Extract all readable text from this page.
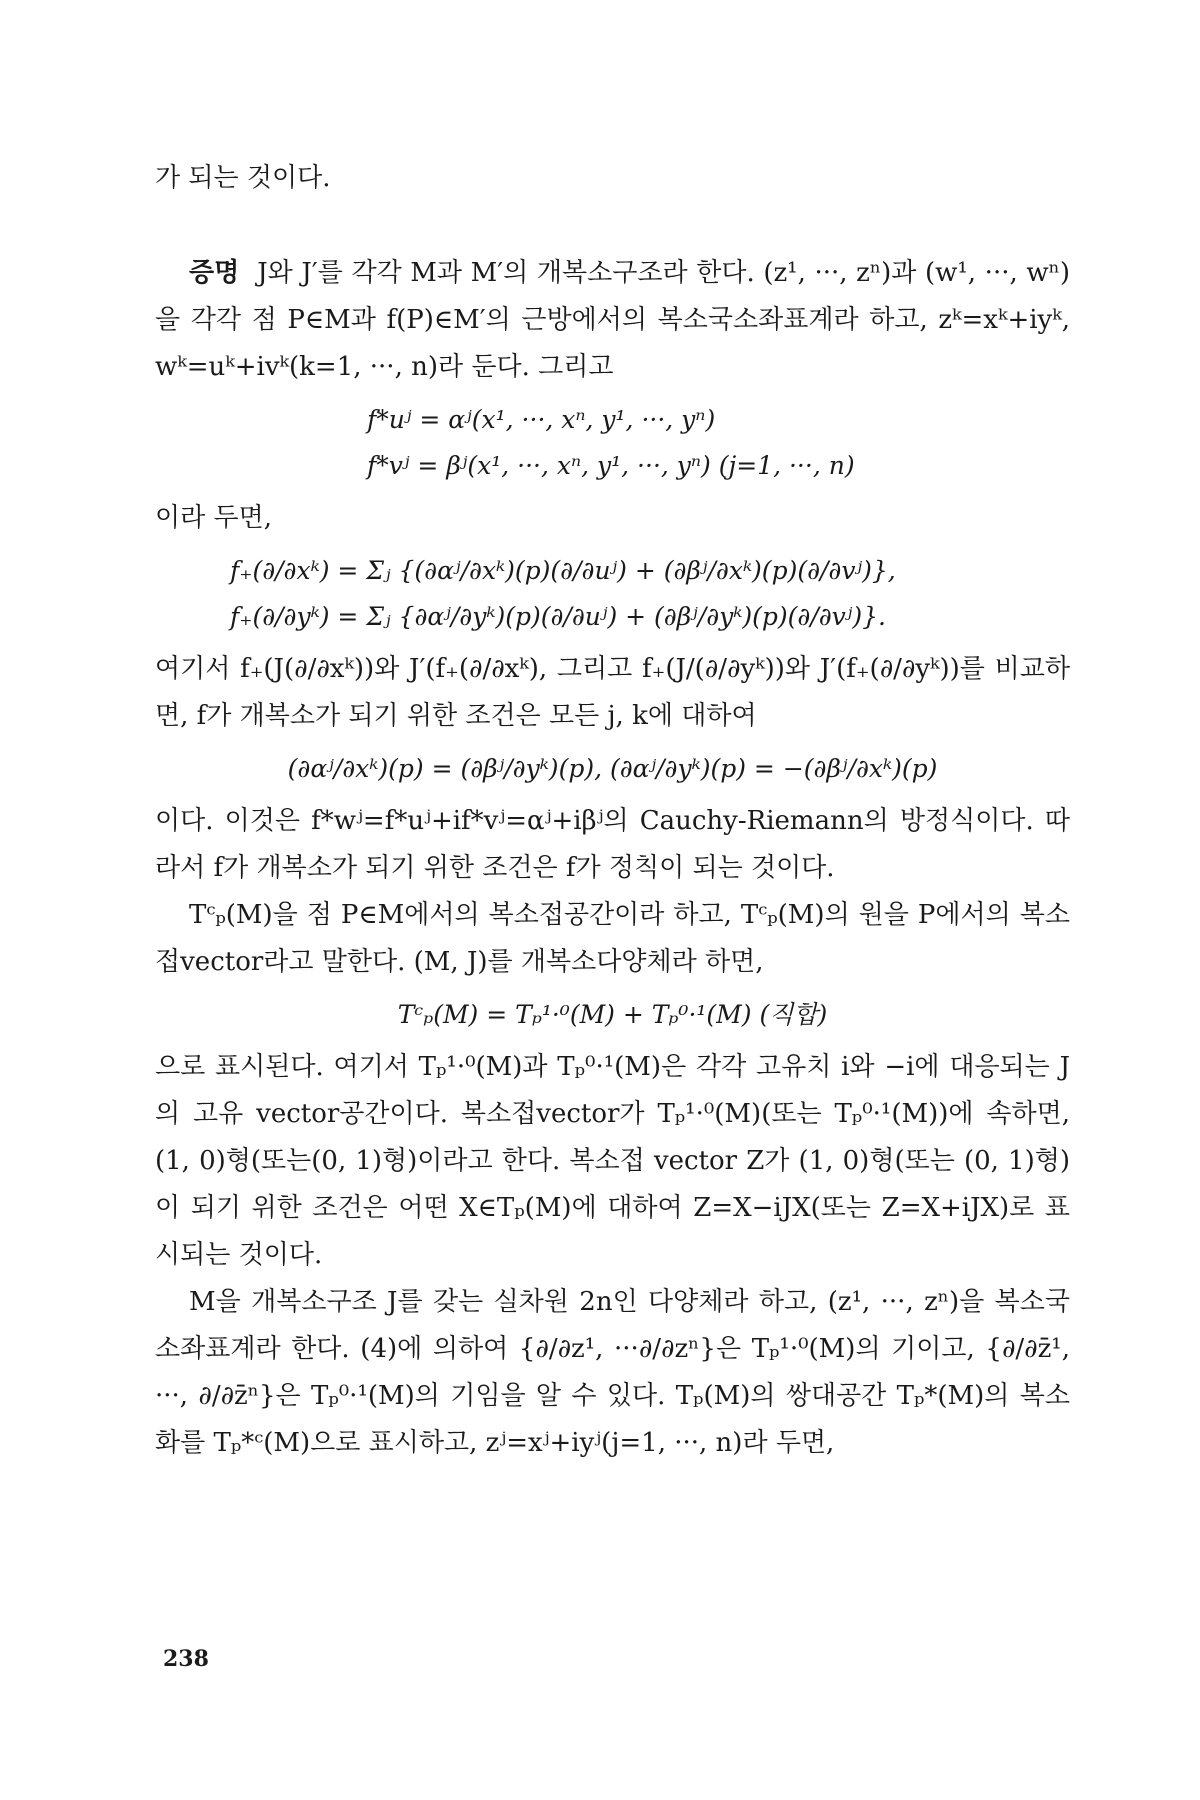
가 되는 것이다.

증명 J와 J′를 각각 M과 M′의 개복소구조라 한다. (z¹, ···, zⁿ)과 (w¹, ···, wⁿ)을 각각 점 P∈M과 f(P)∈M′의 근방에서의 복소국소좌표계라 하고, zᵏ=xᵏ+iyᵏ, wᵏ=uᵏ+ivᵏ(k=1, ···, n)라 둔다. 그리고

f*uʲ = αʲ(x¹, ···, xⁿ, y¹, ···, yⁿ)
f*vʲ = βʲ(x¹, ···, xⁿ, y¹, ···, yⁿ) (j=1, ···, n)

이라 두면,

f₊(∂/∂xᵏ) = Σⱼ {(∂αʲ/∂xᵏ)(p)(∂/∂uʲ) + (∂βʲ/∂xᵏ)(p)(∂/∂vʲ)},
f₊(∂/∂yᵏ) = Σⱼ {∂αʲ/∂yᵏ)(p)(∂/∂uʲ) + (∂βʲ/∂yᵏ)(p)(∂/∂vʲ)}.

여기서 f₊(J(∂/∂xᵏ))와 J′(f₊(∂/∂xᵏ), 그리고 f₊(J/(∂/∂yᵏ))와 J′(f₊(∂/∂yᵏ))를 비교하면, f가 개복소가 되기 위한 조건은 모든 j, k에 대하여

(∂αʲ/∂xᵏ)(p) = (∂βʲ/∂yᵏ)(p), (∂αʲ/∂yᵏ)(p) = −(∂βʲ/∂xᵏ)(p)

이다. 이것은 f*wʲ=f*uʲ+if*vʲ=αʲ+iβʲ의 Cauchy-Riemann의 방정식이다. 따라서 f가 개복소가 되기 위한 조건은 f가 정칙이 되는 것이다.

Tᶜₚ(M)을 점 P∈M에서의 복소접공간이라 하고, Tᶜₚ(M)의 원을 P에서의 복소접vector라고 말한다. (M, J)를 개복소다양체라 하면,

Tᶜₚ(M) = Tₚ¹·⁰(M) + Tₚ⁰·¹(M) (직합)

으로 표시된다. 여기서 Tₚ¹·⁰(M)과 Tₚ⁰·¹(M)은 각각 고유치 i와 −i에 대응되는 J의 고유 vector공간이다. 복소접vector가 Tₚ¹·⁰(M)(또는 Tₚ⁰·¹(M))에 속하면, (1, 0)형(또는(0, 1)형)이라고 한다. 복소접 vector Z가 (1, 0)형(또는 (0, 1)형)이 되기 위한 조건은 어떤 X∈Tₚ(M)에 대하여 Z=X−iJX(또는 Z=X+iJX)로 표시되는 것이다.

M을 개복소구조 J를 갖는 실차원 2n인 다양체라 하고, (z¹, ···, zⁿ)을 복소국소좌표계라 한다. (4)에 의하여 {∂/∂z¹, ···∂/∂zⁿ}은 Tₚ¹·⁰(M)의 기이고, {∂/∂z̄¹, ···, ∂/∂z̄ⁿ}은 Tₚ⁰·¹(M)의 기임을 알 수 있다. Tₚ(M)의 쌍대공간 Tₚ*(M)의 복소화를 Tₚ*ᶜ(M)으로 표시하고, zʲ=xʲ+iyʲ(j=1, ···, n)라 두면,

238
